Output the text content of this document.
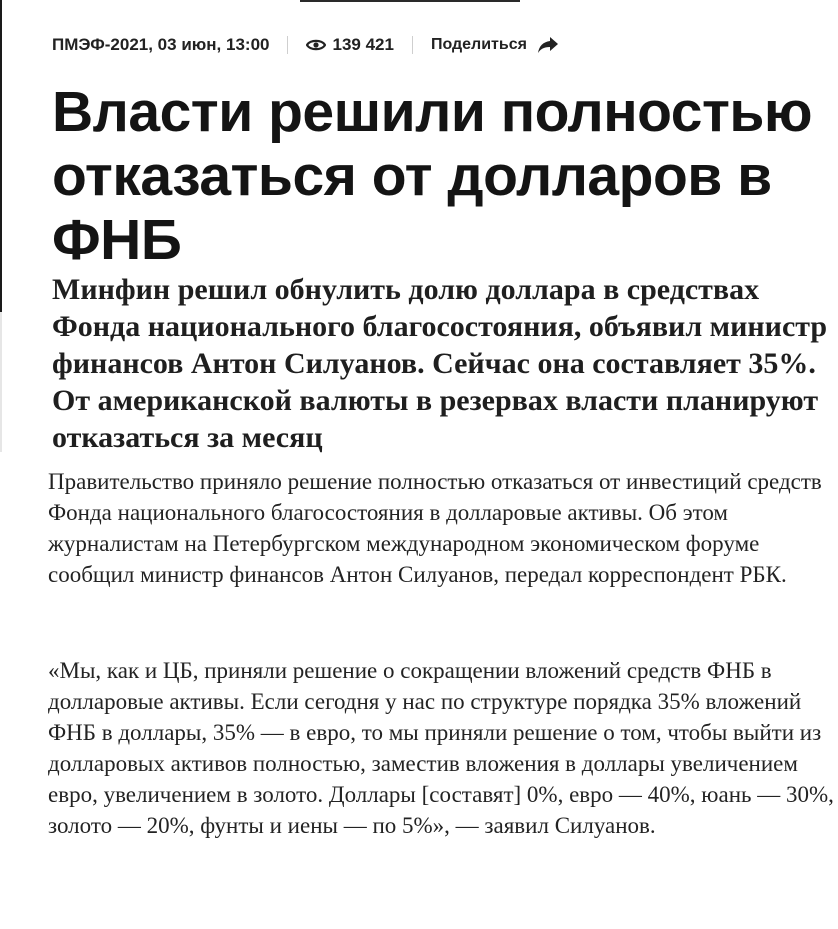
ПМЭФ-2021, 03 июн, 13:00	139 421 Поделиться
Власти решили полностью отказаться от долларов в ФНБ

Минфин решил обнулить долю доллара в средствах Фонда национального благосостояния, объявил министр финансов Антон Силуанов. Сейчас она составляет 35%. От американской валюты в резервах власти планируют отказаться за месяц

Правительство приняло решение полностью отказаться от инвестиций средств Фонда национального благосостояния в долларовые активы. Об этом журналистам на Петербургском международном экономическом форуме сообщил министр финансов Антон Силуанов, передал корреспондент РБК.

«Мы, как и ЦБ, приняли решение о сокращении вложений средств ФНБ в долларовые активы. Если сегодня у нас по структуре порядка 35% вложений ФНБ в доллары, 35% — в евро, то мы приняли решение о том, чтобы выйти из долларовых активов полностью, заместив вложения в доллары увеличением евро, увеличением в золото. Доллары [составят] 0%, евро — 40%, юань — 30%, золото — 20%, фунты и иены — по 5%», — заявил Силуанов.
